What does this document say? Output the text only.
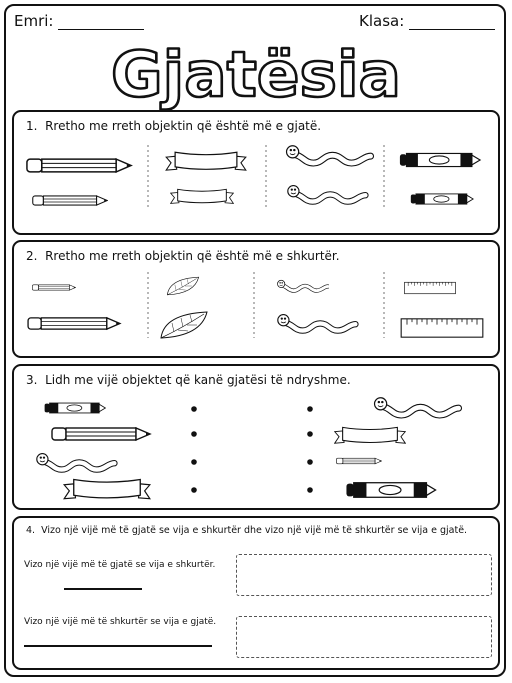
Emri:	Klasa:
Gjatësia
1. Rretho me rreth objektin që është më e gjatë.
2. Rretho me rreth objektin që është më e shkurtër.
3. Lidh me vijë objektet që kanë gjatësi të ndryshme.
4. Vizo një vijë më të gjatë se vija e shkurtër dhe vizo një vijë më të shkurtër se vija e gjatë.
Vizo një vijë më të gjatë se vija e shkurtër.
Vizo një vijë më të shkurtër se vija e gjatë.
